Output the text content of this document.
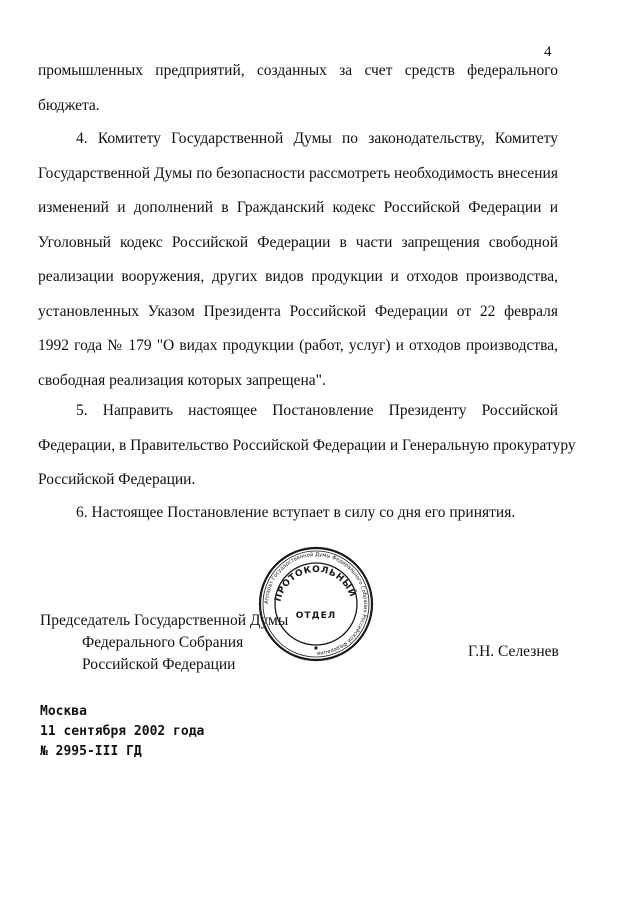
4

промышленных предприятий, созданных за счет средств федерального
бюджета.

4. Комитету Государственной Думы по законодательству, Комитету
Государственной Думы по безопасности рассмотреть необходимость внесения
изменений и дополнений в Гражданский кодекс Российской Федерации и
Уголовный кодекс Российской Федерации в части запрещения свободной
реализации вооружения, других видов продукции и отходов производства,
установленных Указом Президента Российской Федерации от 22 февраля
1992 года № 179 "О видах продукции (работ, услуг) и отходов производства,
свободная реализация которых запрещена".

5. Направить настоящее Постановление Президенту Российской
Федерации, в Правительство Российской Федерации и Генеральную прокуратуру
Российской Федерации.

6. Настоящее Постановление вступает в силу со дня его принятия.

Председатель Государственной Думы
Федерального Собрания
Российской Федерации
Г.Н. Селезнев
Аппарат Государственной Думы Федерального Собрания Российской Федерации
ПРОТОКОЛЬНЫЙ
ОТДЕЛ
Москва
11 сентября 2002 года
№ 2995-III ГД
